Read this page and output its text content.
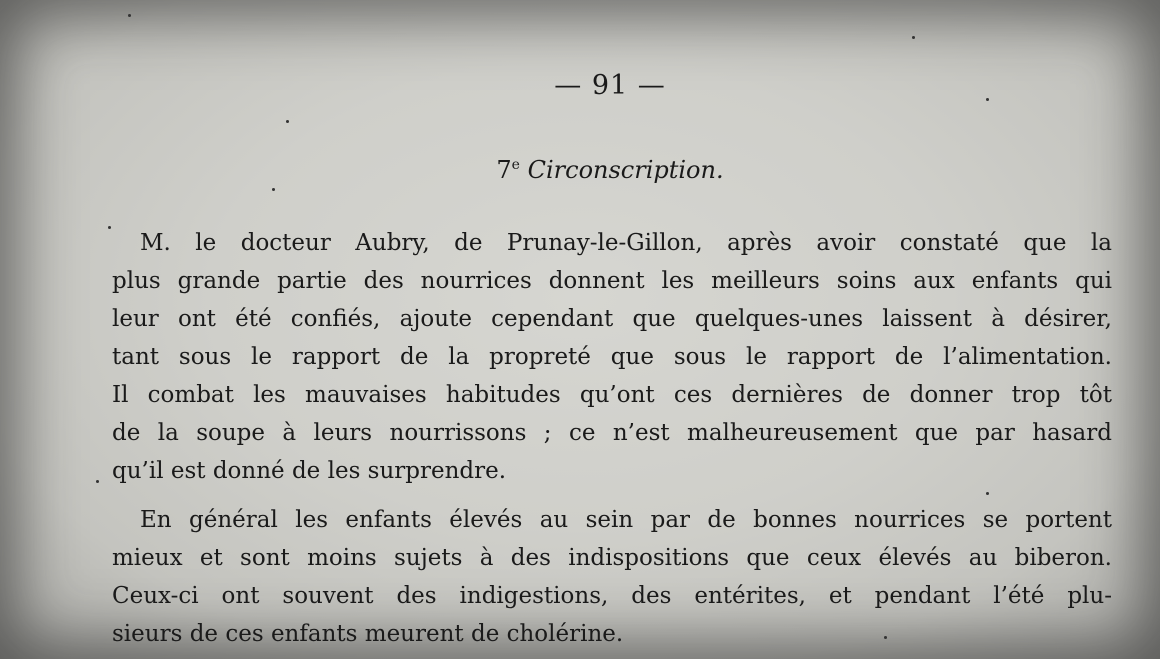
— 91 —
7e Circonscription.
M. le docteur Aubry, de Prunay-le-Gillon, après avoir constaté que la
plus grande partie des nourrices donnent les meilleurs soins aux enfants qui
leur ont été confiés, ajoute cependant que quelques-unes laissent à désirer,
tant sous le rapport de la propreté que sous le rapport de l’alimentation.
Il combat les mauvaises habitudes qu’ont ces dernières de donner trop tôt
de la soupe à leurs nourrissons ; ce n’est malheureusement que par hasard
qu’il est donné de les surprendre.
En général les enfants élevés au sein par de bonnes nourrices se portent
mieux et sont moins sujets à des indispositions que ceux élevés au biberon.
Ceux-ci ont souvent des indigestions, des entérites, et pendant l’été plu-
sieurs de ces enfants meurent de cholérine.
